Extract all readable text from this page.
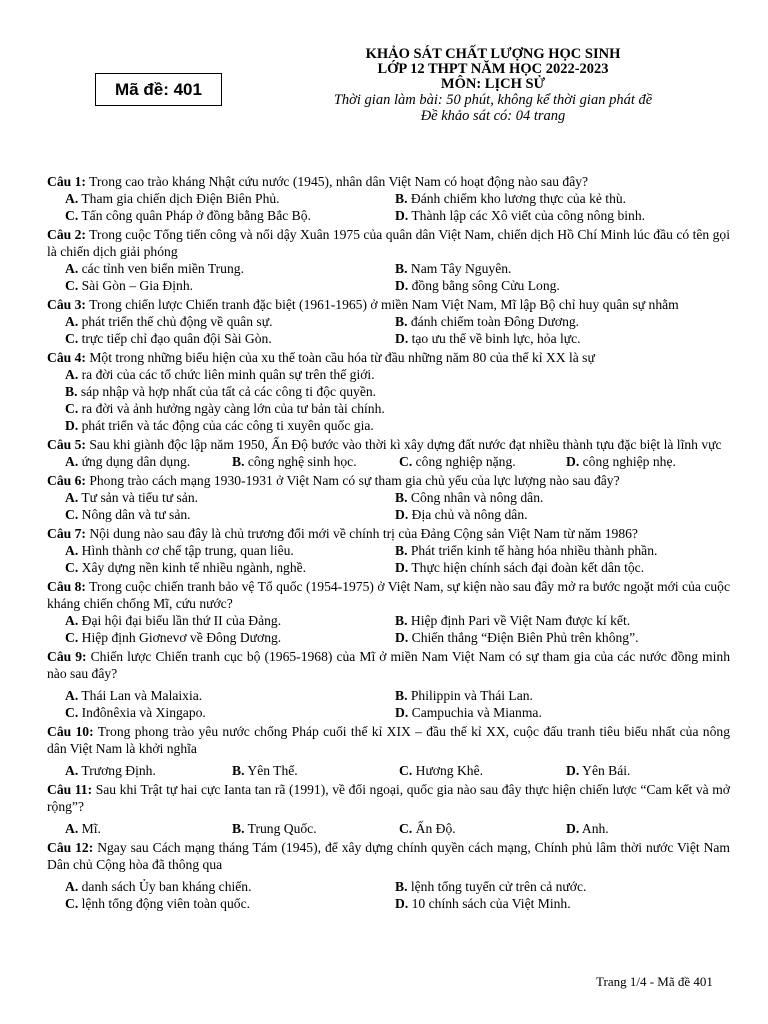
Mã đề: 401
KHẢO SÁT CHẤT LƯỢNG HỌC SINH
LỚP 12 THPT NĂM HỌC 2022-2023
MÔN: LỊCH SỬ
Thời gian làm bài: 50 phút, không kể thời gian phát đề
Đề khảo sát có: 04 trang
Câu 1: Trong cao trào kháng Nhật cứu nước (1945), nhân dân Việt Nam có hoạt động nào sau đây?
A. Tham gia chiến dịch Điện Biên Phủ.	B. Đánh chiếm kho lương thực của kẻ thù.
C. Tấn công quân Pháp ở đồng bằng Bắc Bộ.	D. Thành lập các Xô viết của công nông binh.
Câu 2: Trong cuộc Tổng tiến công và nổi dậy Xuân 1975 của quân dân Việt Nam, chiến dịch Hồ Chí Minh lúc đầu có tên gọi là chiến dịch giải phóng
A. các tỉnh ven biển miền Trung.	B. Nam Tây Nguyên.
C. Sài Gòn – Gia Định.	D. đồng bằng sông Cửu Long.
Câu 3: Trong chiến lược Chiến tranh đặc biệt (1961-1965) ở miền Nam Việt Nam, Mĩ lập Bộ chỉ huy quân sự nhằm
A. phát triển thế chủ động về quân sự.	B. đánh chiếm toàn Đông Dương.
C. trực tiếp chỉ đạo quân đội Sài Gòn.	D. tạo ưu thế về binh lực, hỏa lực.
Câu 4: Một trong những biểu hiện của xu thế toàn cầu hóa từ đầu những năm 80 của thế kỉ XX là sự
A. ra đời của các tổ chức liên minh quân sự trên thế giới.
B. sáp nhập và hợp nhất của tất cả các công ti độc quyền.
C. ra đời và ảnh hưởng ngày càng lớn của tư bản tài chính.
D. phát triển và tác động của các công ti xuyên quốc gia.
Câu 5: Sau khi giành độc lập năm 1950, Ấn Độ bước vào thời kì xây dựng đất nước đạt nhiều thành tựu đặc biệt là lĩnh vực
A. ứng dụng dân dụng.	B. công nghệ sinh học.	C. công nghiệp nặng.	D. công nghiệp nhẹ.
Câu 6: Phong trào cách mạng 1930-1931 ở Việt Nam có sự tham gia chủ yếu của lực lượng nào sau đây?
A. Tư sản và tiểu tư sản.	B. Công nhân và nông dân.
C. Nông dân và tư sản.	D. Địa chủ và nông dân.
Câu 7: Nội dung nào sau đây là chủ trương đổi mới về chính trị của Đảng Cộng sản Việt Nam từ năm 1986?
A. Hình thành cơ chế tập trung, quan liêu.	B. Phát triển kinh tế hàng hóa nhiều thành phần.
C. Xây dựng nền kinh tế nhiều ngành, nghề.	D. Thực hiện chính sách đại đoàn kết dân tộc.
Câu 8: Trong cuộc chiến tranh bảo vệ Tổ quốc (1954-1975) ở Việt Nam, sự kiện nào sau đây mở ra bước ngoặt mới của cuộc kháng chiến chống Mĩ, cứu nước?
A. Đại hội đại biểu lần thứ II của Đảng.	B. Hiệp định Pari về Việt Nam được kí kết.
C. Hiệp định Giơnevơ về Đông Dương.	D. Chiến thắng “Điện Biên Phủ trên không”.
Câu 9: Chiến lược Chiến tranh cục bộ (1965-1968) của Mĩ ở miền Nam Việt Nam có sự tham gia của các nước đồng minh nào sau đây?
A. Thái Lan và Malaixia.	B. Philippin và Thái Lan.
C. Inđônêxia và Xingapo.	D. Campuchia và Mianma.
Câu 10: Trong phong trào yêu nước chống Pháp cuối thế kỉ XIX – đầu thế kỉ XX, cuộc đấu tranh tiêu biểu nhất của nông dân Việt Nam là khởi nghĩa
A. Trương Định.	B. Yên Thế.	C. Hương Khê.	D. Yên Bái.
Câu 11: Sau khi Trật tự hai cực Ianta tan rã (1991), về đối ngoại, quốc gia nào sau đây thực hiện chiến lược “Cam kết và mở rộng”?
A. Mĩ.	B. Trung Quốc.	C. Ấn Độ.	D. Anh.
Câu 12: Ngay sau Cách mạng tháng Tám (1945), để xây dựng chính quyền cách mạng, Chính phủ lâm thời nước Việt Nam Dân chủ Cộng hòa đã thông qua
A. danh sách Ủy ban kháng chiến.	B. lệnh tổng tuyển cử trên cả nước.
C. lệnh tổng động viên toàn quốc.	D. 10 chính sách của Việt Minh.
Trang 1/4 - Mã đề 401
